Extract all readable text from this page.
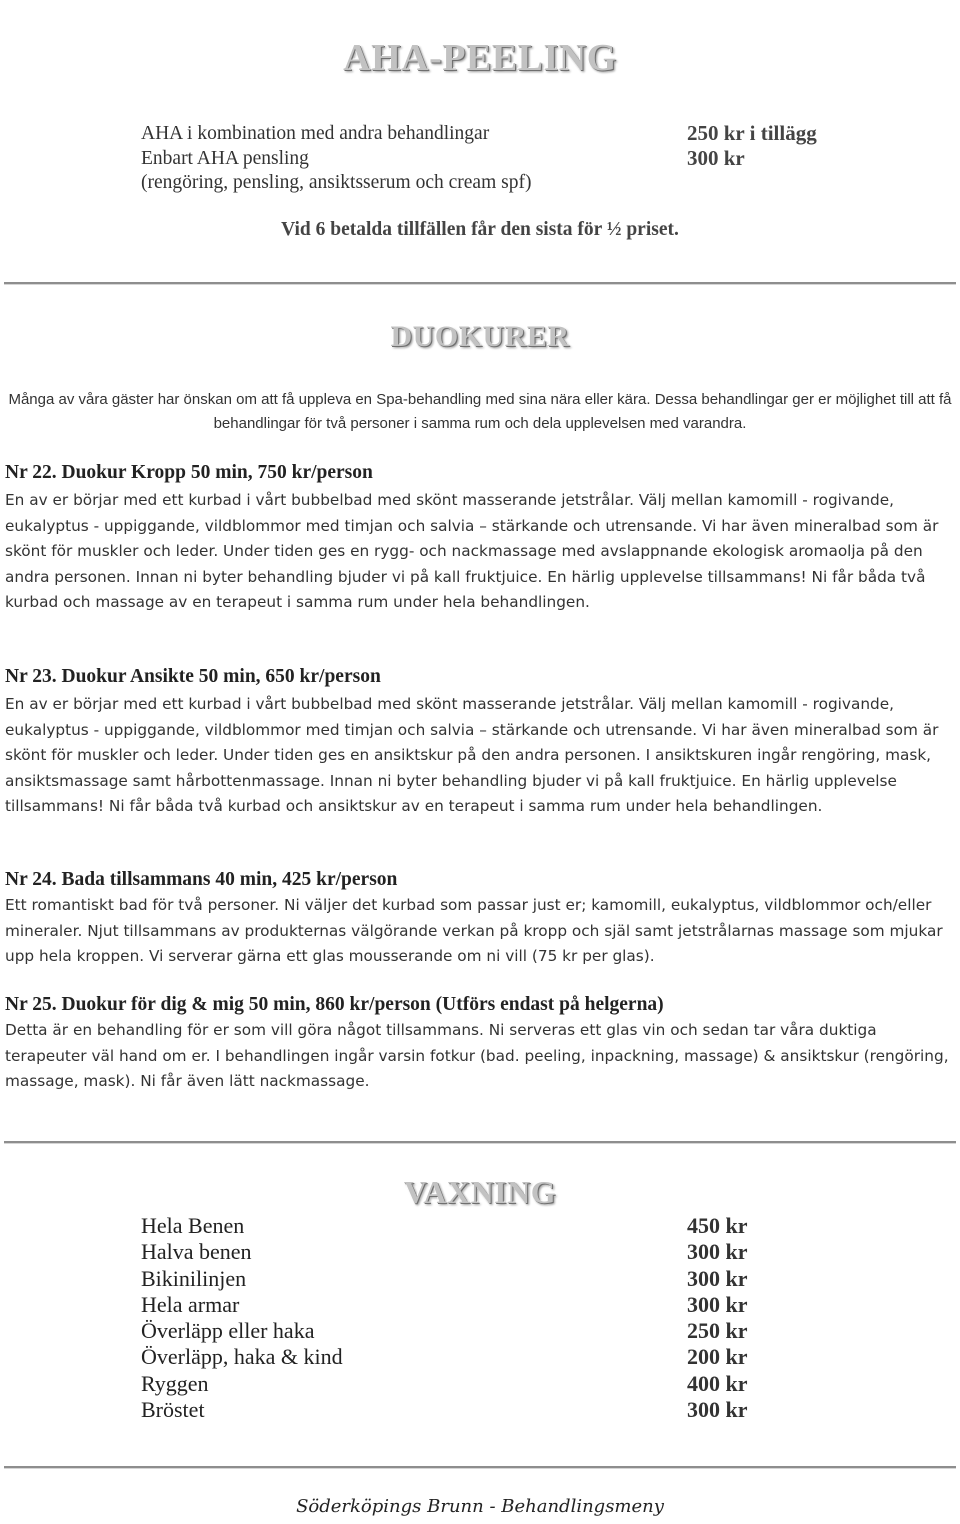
AHA-PEELING
AHA i kombination med andra behandlingar
Enbart AHA pensling
(rengöring, pensling, ansiktsserum och cream spf)
250 kr i tillägg
300 kr
Vid 6 betalda tillfällen får den sista för ½ priset.
DUOKURER
Många av våra gäster har önskan om att få uppleva en Spa-behandling med sina nära eller kära. Dessa behandlingar ger er möjlighet till att få behandlingar för två personer i samma rum och dela upplevelsen med varandra.
Nr 22. Duokur Kropp 50 min, 750 kr/person
En av er börjar med ett kurbad i vårt bubbelbad med skönt masserande jetstrålar. Välj mellan kamomill - rogivande, eukalyptus - uppiggande, vildblommor med timjan och salvia – stärkande och utrensande. Vi har även mineralbad som är skönt för muskler och leder. Under tiden ges en rygg- och nackmassage med avslappnande ekologisk aromaolja på den andra personen. Innan ni byter behandling bjuder vi på kall fruktjuice. En härlig upplevelse tillsammans! Ni får båda två kurbad och massage av en terapeut i samma rum under hela behandlingen.
Nr 23. Duokur Ansikte 50 min, 650 kr/person
En av er börjar med ett kurbad i vårt bubbelbad med skönt masserande jetstrålar. Välj mellan kamomill - rogivande, eukalyptus - uppiggande, vildblommor med timjan och salvia – stärkande och utrensande. Vi har även mineralbad som är skönt för muskler och leder. Under tiden ges en ansiktskur på den andra personen. I ansiktskuren ingår rengöring, mask, ansiktsmassage samt hårbottenmassage. Innan ni byter behandling bjuder vi på kall fruktjuice. En härlig upplevelse tillsammans! Ni får båda två kurbad och ansiktskur av en terapeut i samma rum under hela behandlingen.
Nr 24. Bada tillsammans 40 min, 425 kr/person
Ett romantiskt bad för två personer. Ni väljer det kurbad som passar just er; kamomill, eukalyptus, vildblommor och/eller mineraler. Njut tillsammans av produkternas välgörande verkan på kropp och själ samt jetstrålarnas massage som mjukar upp hela kroppen. Vi serverar gärna ett glas mousserande om ni vill (75 kr per glas).
Nr 25. Duokur för dig & mig 50 min, 860 kr/person (Utförs endast på helgerna)
Detta är en behandling för er som vill göra något tillsammans. Ni serveras ett glas vin och sedan tar våra duktiga terapeuter väl hand om er. I behandlingen ingår varsin fotkur (bad. peeling, inpackning, massage) & ansiktskur (rengöring, massage, mask). Ni får även lätt nackmassage.
VAXNING
Hela Benen
Halva benen
Bikinilinjen
Hela armar
Överläpp eller haka
Överläpp, haka & kind
Ryggen
Bröstet
450 kr
300 kr
300 kr
300 kr
250 kr
200 kr
400 kr
300 kr
Söderköpings Brunn - Behandlingsmeny
